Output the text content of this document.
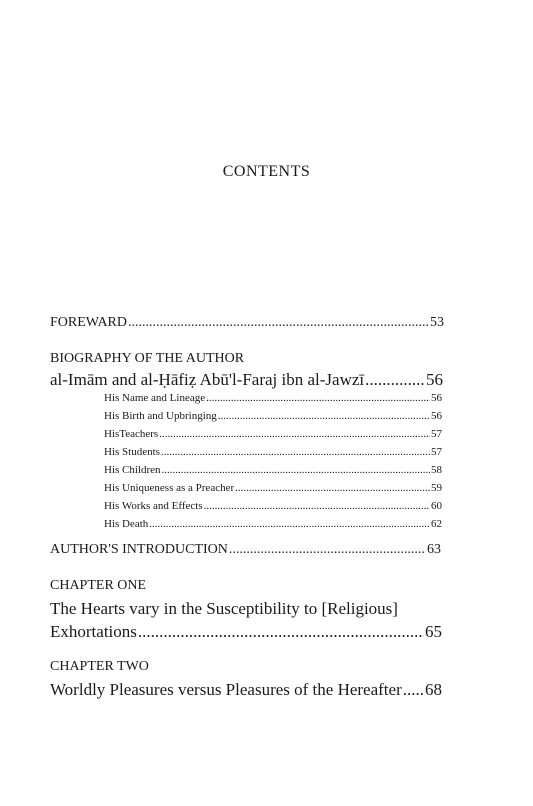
CONTENTS
FOREWARD .....	53
BIOGRAPHY OF THE AUTHOR
al-Imām and al-Ḥāfiẓ Abū'l-Faraj ibn al-Jawzī .....	56
His Name and Lineage .....	56
His Birth and Upbringing .....	56
HisTeachers .....	57
His Students .....	57
His Children .....	58
His Uniqueness as a Preacher .....	59
His Works and Effects .....	60
His Death .....	62
AUTHOR'S INTRODUCTION .....	63
CHAPTER ONE
The Hearts vary in the Susceptibility to [Religious]
Exhortations .....	65
CHAPTER TWO
Worldly Pleasures versus Pleasures of the Hereafter ..... 68
